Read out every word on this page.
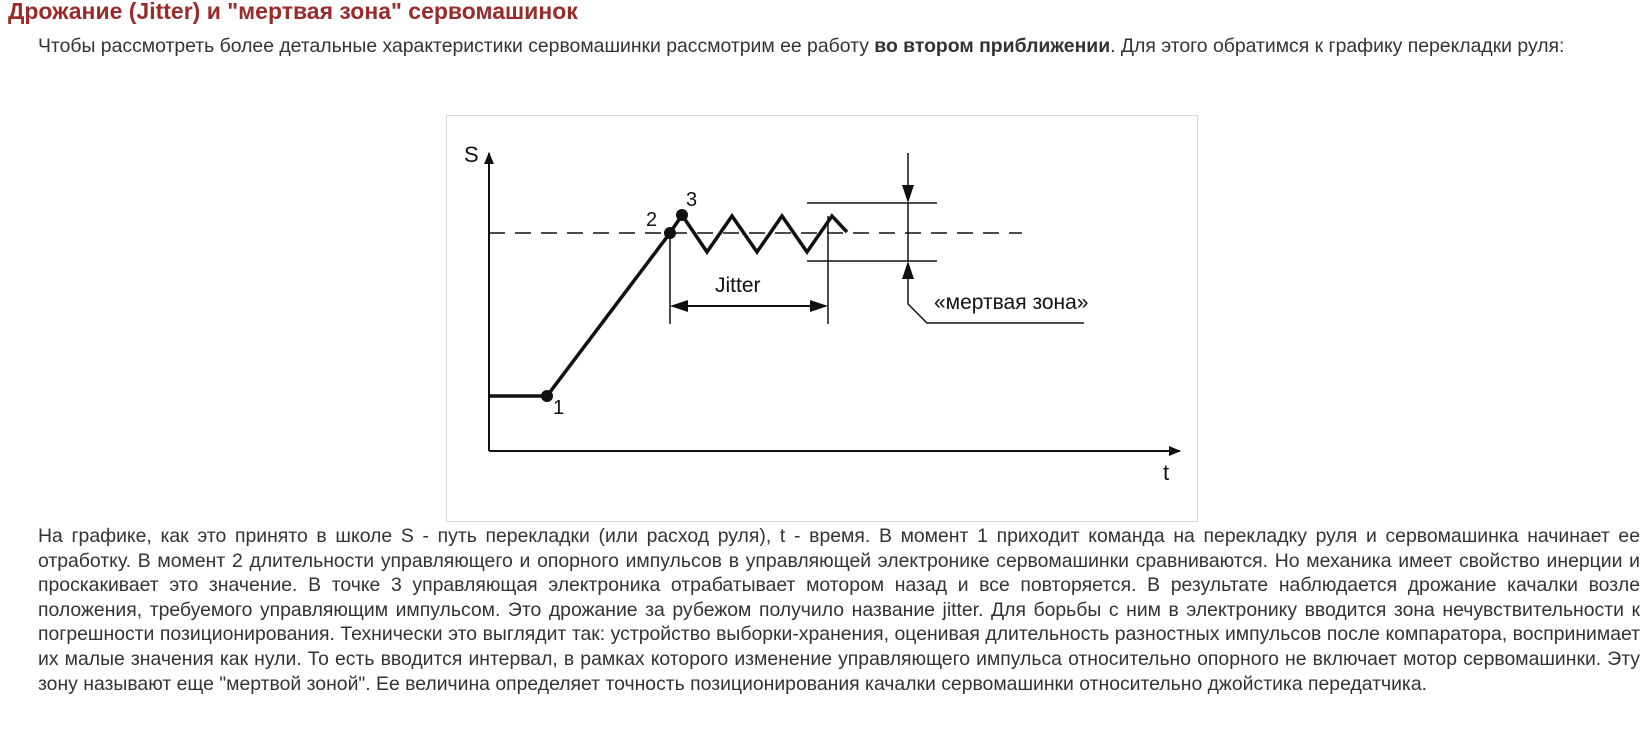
Дрожание (Jitter) и "мертвая зона" сервомашинок

Чтобы рассмотреть более детальные характеристики сервомашинки рассмотрим ее работу во втором приближении. Для этого обратимся к графику перекладки руля:

S
t
1
2
3
Jitter
«мертвая зона»

На графике, как это принято в школе S - путь перекладки (или расход руля), t - время. В момент 1 приходит команда на перекладку руля и сервомашинка начинает ее отработку. В момент 2 длительности управляющего и опорного импульсов в управляющей электронике сервомашинки сравниваются. Но механика имеет свойство инерции и проскакивает это значение. В точке 3 управляющая электроника отрабатывает мотором назад и все повторяется. В результате наблюдается дрожание качалки возле положения, требуемого управляющим импульсом. Это дрожание за рубежом получило название jitter. Для борьбы с ним в электронику вводится зона нечувствительности к погрешности позиционирования. Технически это выглядит так: устройство выборки-хранения, оценивая длительность разностных импульсов после компаратора, воспринимает их малые значения как нули. То есть вводится интервал, в рамках которого изменение управляющего импульса относительно опорного не включает мотор сервомашинки. Эту зону называют еще "мертвой зоной". Ее величина определяет точность позиционирования качалки сервомашинки относительно джойстика передатчика.
